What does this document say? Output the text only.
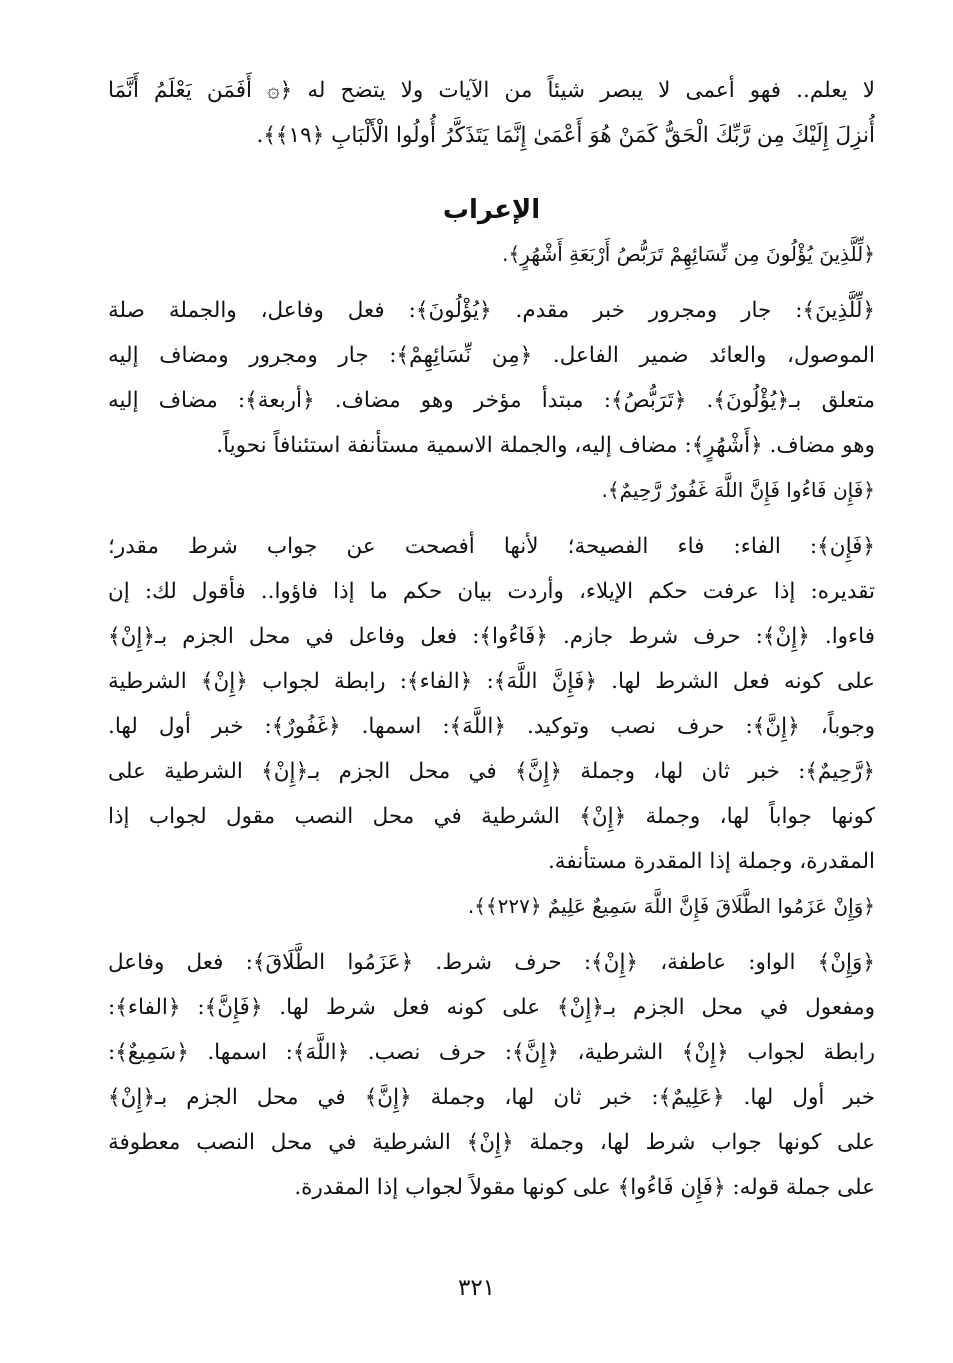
لا يعلم.. فهو أعمى لا يبصر شيئاً من الآيات ولا يتضح له ﴿۞ أَفَمَن يَعْلَمُ أَنَّمَا
أُنزِلَ إِلَيْكَ مِن رَّبِّكَ الْحَقُّ كَمَنْ هُوَ أَعْمَىٰ إِنَّمَا يَتَذَكَّرُ أُولُوا الْأَلْبَابِ ﴿١٩﴾﴾.
الإعراب
﴿لِّلَّذِينَ يُؤْلُونَ مِن نِّسَائِهِمْ تَرَبُّصُ أَرْبَعَةِ أَشْهُرٍ﴾.
﴿لِّلَّذِينَ﴾: جار ومجرور خبر مقدم. ﴿يُؤْلُونَ﴾: فعل وفاعل، والجملة صلة
الموصول، والعائد ضمير الفاعل. ﴿مِن نِّسَائِهِمْ﴾: جار ومجرور ومضاف إليه
متعلق بـ﴿يُؤْلُونَ﴾. ﴿تَرَبُّصُ﴾: مبتدأ مؤخر وهو مضاف. ﴿أربعة﴾: مضاف إليه
وهو مضاف. ﴿أَشْهُرٍ﴾: مضاف إليه، والجملة الاسمية مستأنفة استئنافاً نحوياً.
﴿فَإِن فَاءُوا فَإِنَّ اللَّهَ غَفُورٌ رَّحِيمٌ﴾.
﴿فَإِن﴾: الفاء: فاء الفصيحة؛ لأنها أفصحت عن جواب شرط مقدر؛
تقديره: إذا عرفت حكم الإيلاء، وأردت بيان حكم ما إذا فاؤوا.. فأقول لك: إن
فاءوا. ﴿إِنْ﴾: حرف شرط جازم. ﴿فَاءُوا﴾: فعل وفاعل في محل الجزم بـ﴿إِنْ﴾
على كونه فعل الشرط لها. ﴿فَإِنَّ اللَّهَ﴾: ﴿الفاء﴾: رابطة لجواب ﴿إِنْ﴾ الشرطية
وجوباً، ﴿إِنَّ﴾: حرف نصب وتوكيد. ﴿اللَّهَ﴾: اسمها. ﴿غَفُورٌ﴾: خبر أول لها.
﴿رَّحِيمٌ﴾: خبر ثان لها، وجملة ﴿إِنَّ﴾ في محل الجزم بـ﴿إِنْ﴾ الشرطية على
كونها جواباً لها، وجملة ﴿إِنْ﴾ الشرطية في محل النصب مقول لجواب إذا
المقدرة، وجملة إذا المقدرة مستأنفة.
﴿وَإِنْ عَزَمُوا الطَّلَاقَ فَإِنَّ اللَّهَ سَمِيعٌ عَلِيمٌ ﴿٢٢٧﴾﴾.
﴿وَإِنْ﴾ الواو: عاطفة، ﴿إِنْ﴾: حرف شرط. ﴿عَزَمُوا الطَّلَاقَ﴾: فعل وفاعل
ومفعول في محل الجزم بـ﴿إِنْ﴾ على كونه فعل شرط لها. ﴿فَإِنَّ﴾: ﴿الفاء﴾:
رابطة لجواب ﴿إِنْ﴾ الشرطية، ﴿إِنَّ﴾: حرف نصب. ﴿اللَّهَ﴾: اسمها. ﴿سَمِيعٌ﴾:
خبر أول لها. ﴿عَلِيمٌ﴾: خبر ثان لها، وجملة ﴿إِنَّ﴾ في محل الجزم بـ﴿إِنْ﴾
على كونها جواب شرط لها، وجملة ﴿إِنْ﴾ الشرطية في محل النصب معطوفة
على جملة قوله: ﴿فَإِن فَاءُوا﴾ على كونها مقولاً لجواب إذا المقدرة.
٣٢١
